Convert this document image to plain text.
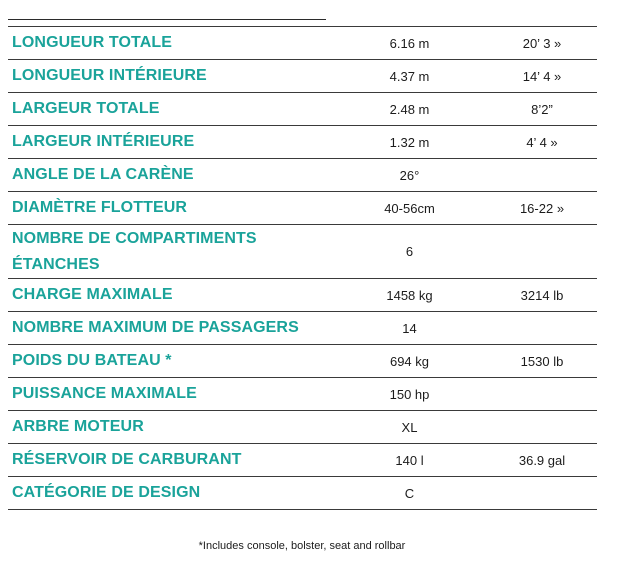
LONGUEUR TOTALE	6.16 m	20’ 3 »
LONGUEUR INTÉRIEURE	4.37 m	14’ 4 »
LARGEUR TOTALE	2.48 m	8’2”
LARGEUR INTÉRIEURE	1.32 m	4’ 4 »
ANGLE DE LA CARÈNE	26°	
DIAMÈTRE FLOTTEUR	40-56cm	16-22 »
NOMBRE DE COMPARTIMENTS ÉTANCHES	6	
CHARGE MAXIMALE	1458 kg	3214 lb
NOMBRE MAXIMUM DE PASSAGERS	14	
POIDS DU BATEAU *	694 kg	1530 lb
PUISSANCE MAXIMALE	150 hp	
ARBRE MOTEUR	XL	
RÉSERVOIR DE CARBURANT	140 l	36.9 gal
CATÉGORIE DE DESIGN	C	
*Includes console, bolster, seat and rollbar
